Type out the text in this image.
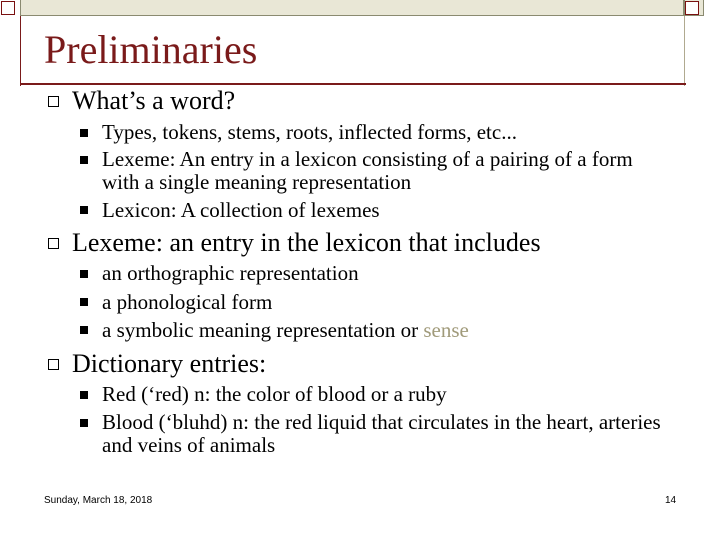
Preliminaries
What’s a word?
Types, tokens, stems, roots, inflected forms, etc...
Lexeme: An entry in a lexicon consisting of a pairing of a form with a single meaning representation
Lexicon: A collection of lexemes
Lexeme: an entry in the lexicon that includes
an orthographic representation
a phonological form
a symbolic meaning representation or sense
Dictionary entries:
Red (‘red) n: the color of blood or a ruby
Blood (‘bluhd) n: the red liquid that circulates in the heart, arteries and veins of animals
Sunday, March 18, 2018	14
